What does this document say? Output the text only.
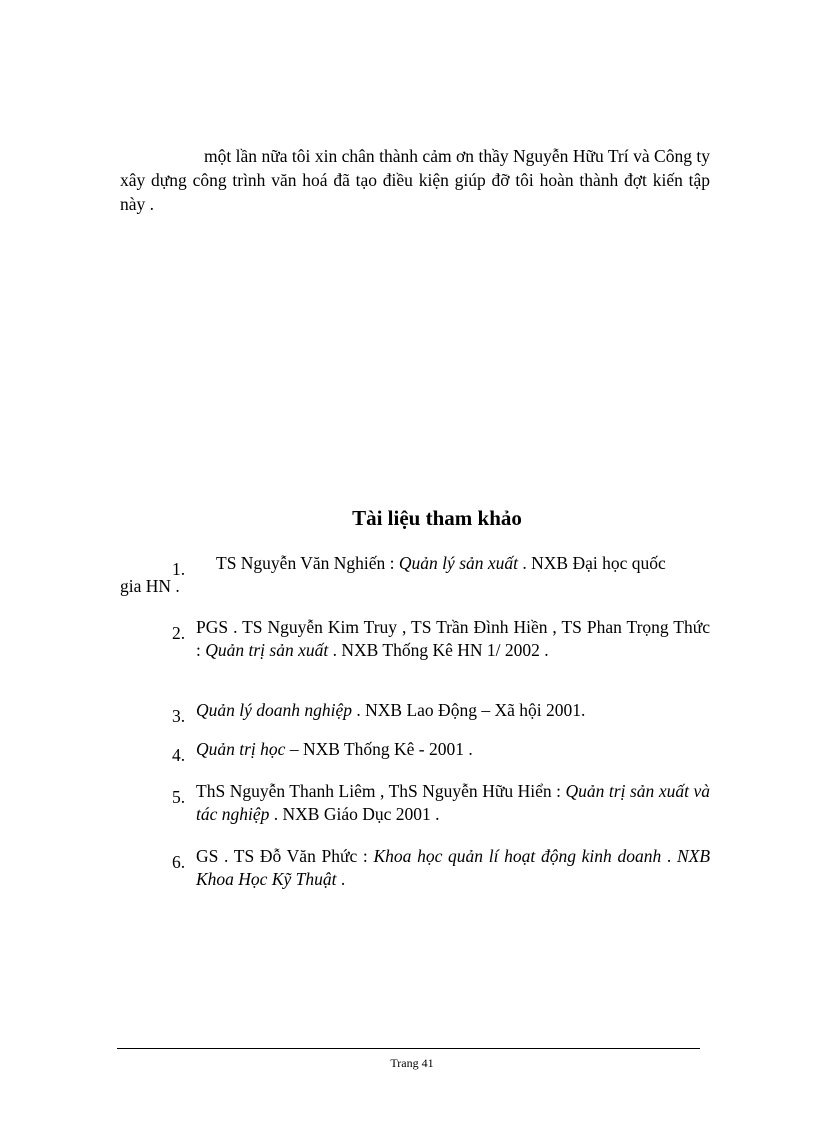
một lần nữa tôi xin chân thành cảm ơn thầy Nguyễn Hữu Trí và Công ty xây dựng công trình văn hoá đã tạo điều kiện giúp đỡ tôi hoàn thành đợt kiến tập này .
Tài liệu tham khảo
1. TS Nguyễn Văn Nghiến : Quản lý sản xuất . NXB Đại học quốc
gia HN .
2. PGS . TS Nguyễn Kim Truy , TS Trần Đình Hiền , TS Phan Trọng Thức : Quản trị sản xuất . NXB Thống Kê HN 1/ 2002 .
3. Quản lý doanh nghiệp . NXB Lao Động – Xã hội 2001.
4. Quản trị học – NXB Thống Kê - 2001 .
5. ThS Nguyễn Thanh Liêm , ThS Nguyễn Hữu Hiển : Quản trị sản xuất và tác nghiệp . NXB Giáo Dục 2001 .
6. GS . TS Đỗ Văn Phức : Khoa học quản lí hoạt động kinh doanh . NXB Khoa Học Kỹ Thuật .
Trang 41
